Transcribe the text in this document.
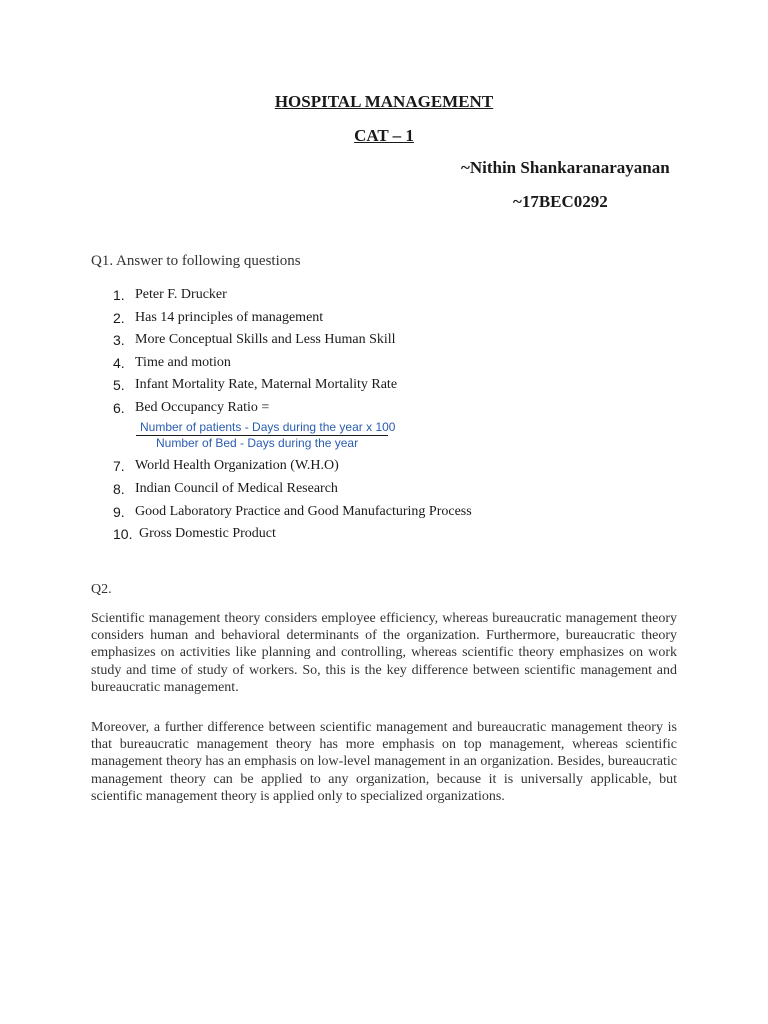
HOSPITAL MANAGEMENT
CAT – 1
~Nithin Shankaranarayanan
~17BEC0292
Q1. Answer to following questions
1. Peter F. Drucker
2. Has 14 principles of management
3. More Conceptual Skills and Less Human Skill
4. Time and motion
5. Infant Mortality Rate, Maternal Mortality Rate
6. Bed Occupancy Ratio =
7. World Health Organization (W.H.O)
8. Indian Council of Medical Research
9. Good Laboratory Practice and Good Manufacturing Process
10. Gross Domestic Product
Number of patients - Days during the year x 100
Number of Bed - Days during the year
Q2.

Scientific management theory considers employee efficiency, whereas bureaucratic management theory considers human and behavioral determinants of the organization. Furthermore, bureaucratic theory emphasizes on activities like planning and controlling, whereas scientific theory emphasizes on work study and time of study of workers. So, this is the key difference between scientific management and bureaucratic management.

Moreover, a further difference between scientific management and bureaucratic management theory is that bureaucratic management theory has more emphasis on top management, whereas scientific management theory has an emphasis on low-level management in an organization. Besides, bureaucratic management theory can be applied to any organization, because it is universally applicable, but scientific management theory is applied only to specialized organizations.
